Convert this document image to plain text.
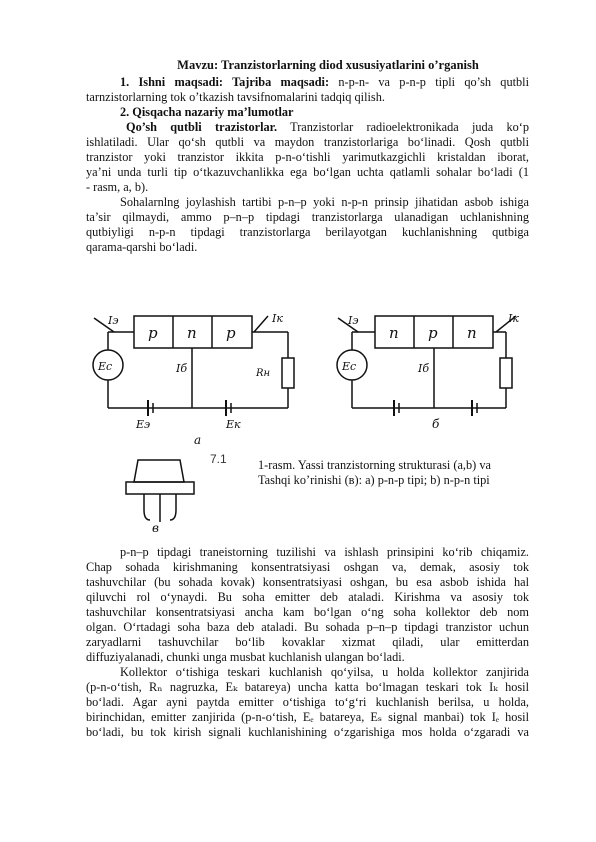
Mavzu: Tranzistorlarning diod xususiyatlarini o’rganish
1. Ishni maqsadi: Tajriba maqsadi: n-p-n- va p-n-p tipli qo’sh qutbli
tarnzistorlarning tok o’tkazish tavsifnomalarini tadqiq qilish.
2. Qisqacha nazariy ma’lumotlar
Qo’sh qutbli trazistorlar. Tranzistorlar radioelektronikada juda ko‘p
ishlatiladi. Ular qo‘sh qutbli va maydon tranzistorlariga bo‘linadi. Qosh qutbli
tranzistor yoki tranzistor ikkita p-n-o‘tishli yarimutkazgichli kristaldan iborat,
ya’ni unda turli tip o‘tkazuvchanlikka ega bo‘lgan uchta qatlamli sohalar bo‘ladi (1
- rasm, a, b).
Sohalarnlng joylashish tartibi p-n–p yoki n-p-n prinsip jihatidan asbob ishiga
ta’sir qilmaydi, ammo p–n–p tipdagi tranzistorlarga ulanadigan uchlanishning
qutbiyligi n-p-n tipdagi tranzistorlarga berilayotgan kuchlanishning qutbiga
qarama-qarshi bo‘ladi.
p n p
Ec
Iэ	Iк
Iб	Rн
Eэ	Eк
a
n p n
Ec
Iэ	Iк
Iб
б
в
7.1	1-rasm. Yassi tranzistorning strukturasi (a,b) va
Tashqi ko’rinishi (в): a) p-n-p tipi; b) n-p-n tipi
p-n–p tipdagi traneistorning tuzilishi va ishlash prinsipini ko‘rib chiqamiz.
Chap sohada kirishmaning konsentratsiyasi oshgan va, demak, asosiy tok
tashuvchilar (bu sohada kovak) konsentratsiyasi oshgan, bu esa asbob ishida hal
qiluvchi rol o‘ynaydi. Bu soha emitter deb ataladi. Kirishma va asosiy tok
tashuvchilar konsentratsiyasi ancha kam bo‘lgan o‘ng soha kollektor deb nom
olgan. O‘rtadagi soha baza deb ataladi. Bu sohada p–n–p tipdagi tranzistor uchun
zaryadlarni tashuvchilar bo‘lib kovaklar xizmat qiladi, ular emitterdan
diffuziyalanadi, chunki unga musbat kuchlanish ulangan bo‘ladi.
Kollektor o‘tishiga teskari kuchlanish qo‘yilsa, u holda kollektor zanjirida
(p-n-o‘tish, Rₙ nagruzka, Eₖ batareya) uncha katta bo‘lmagan teskari tok Iₖ hosil
bo‘ladi. Agar ayni paytda emitter o‘tishiga to‘g‘ri kuchlanish berilsa, u holda,
birinchidan, emitter zanjirida (p-n-o‘tish, Eₑ batareya, Eₛ signal manbai) tok Iₑ hosil
bo‘ladi, bu tok kirish signali kuchlanishining o‘zgarishiga mos holda o‘zgaradi va
